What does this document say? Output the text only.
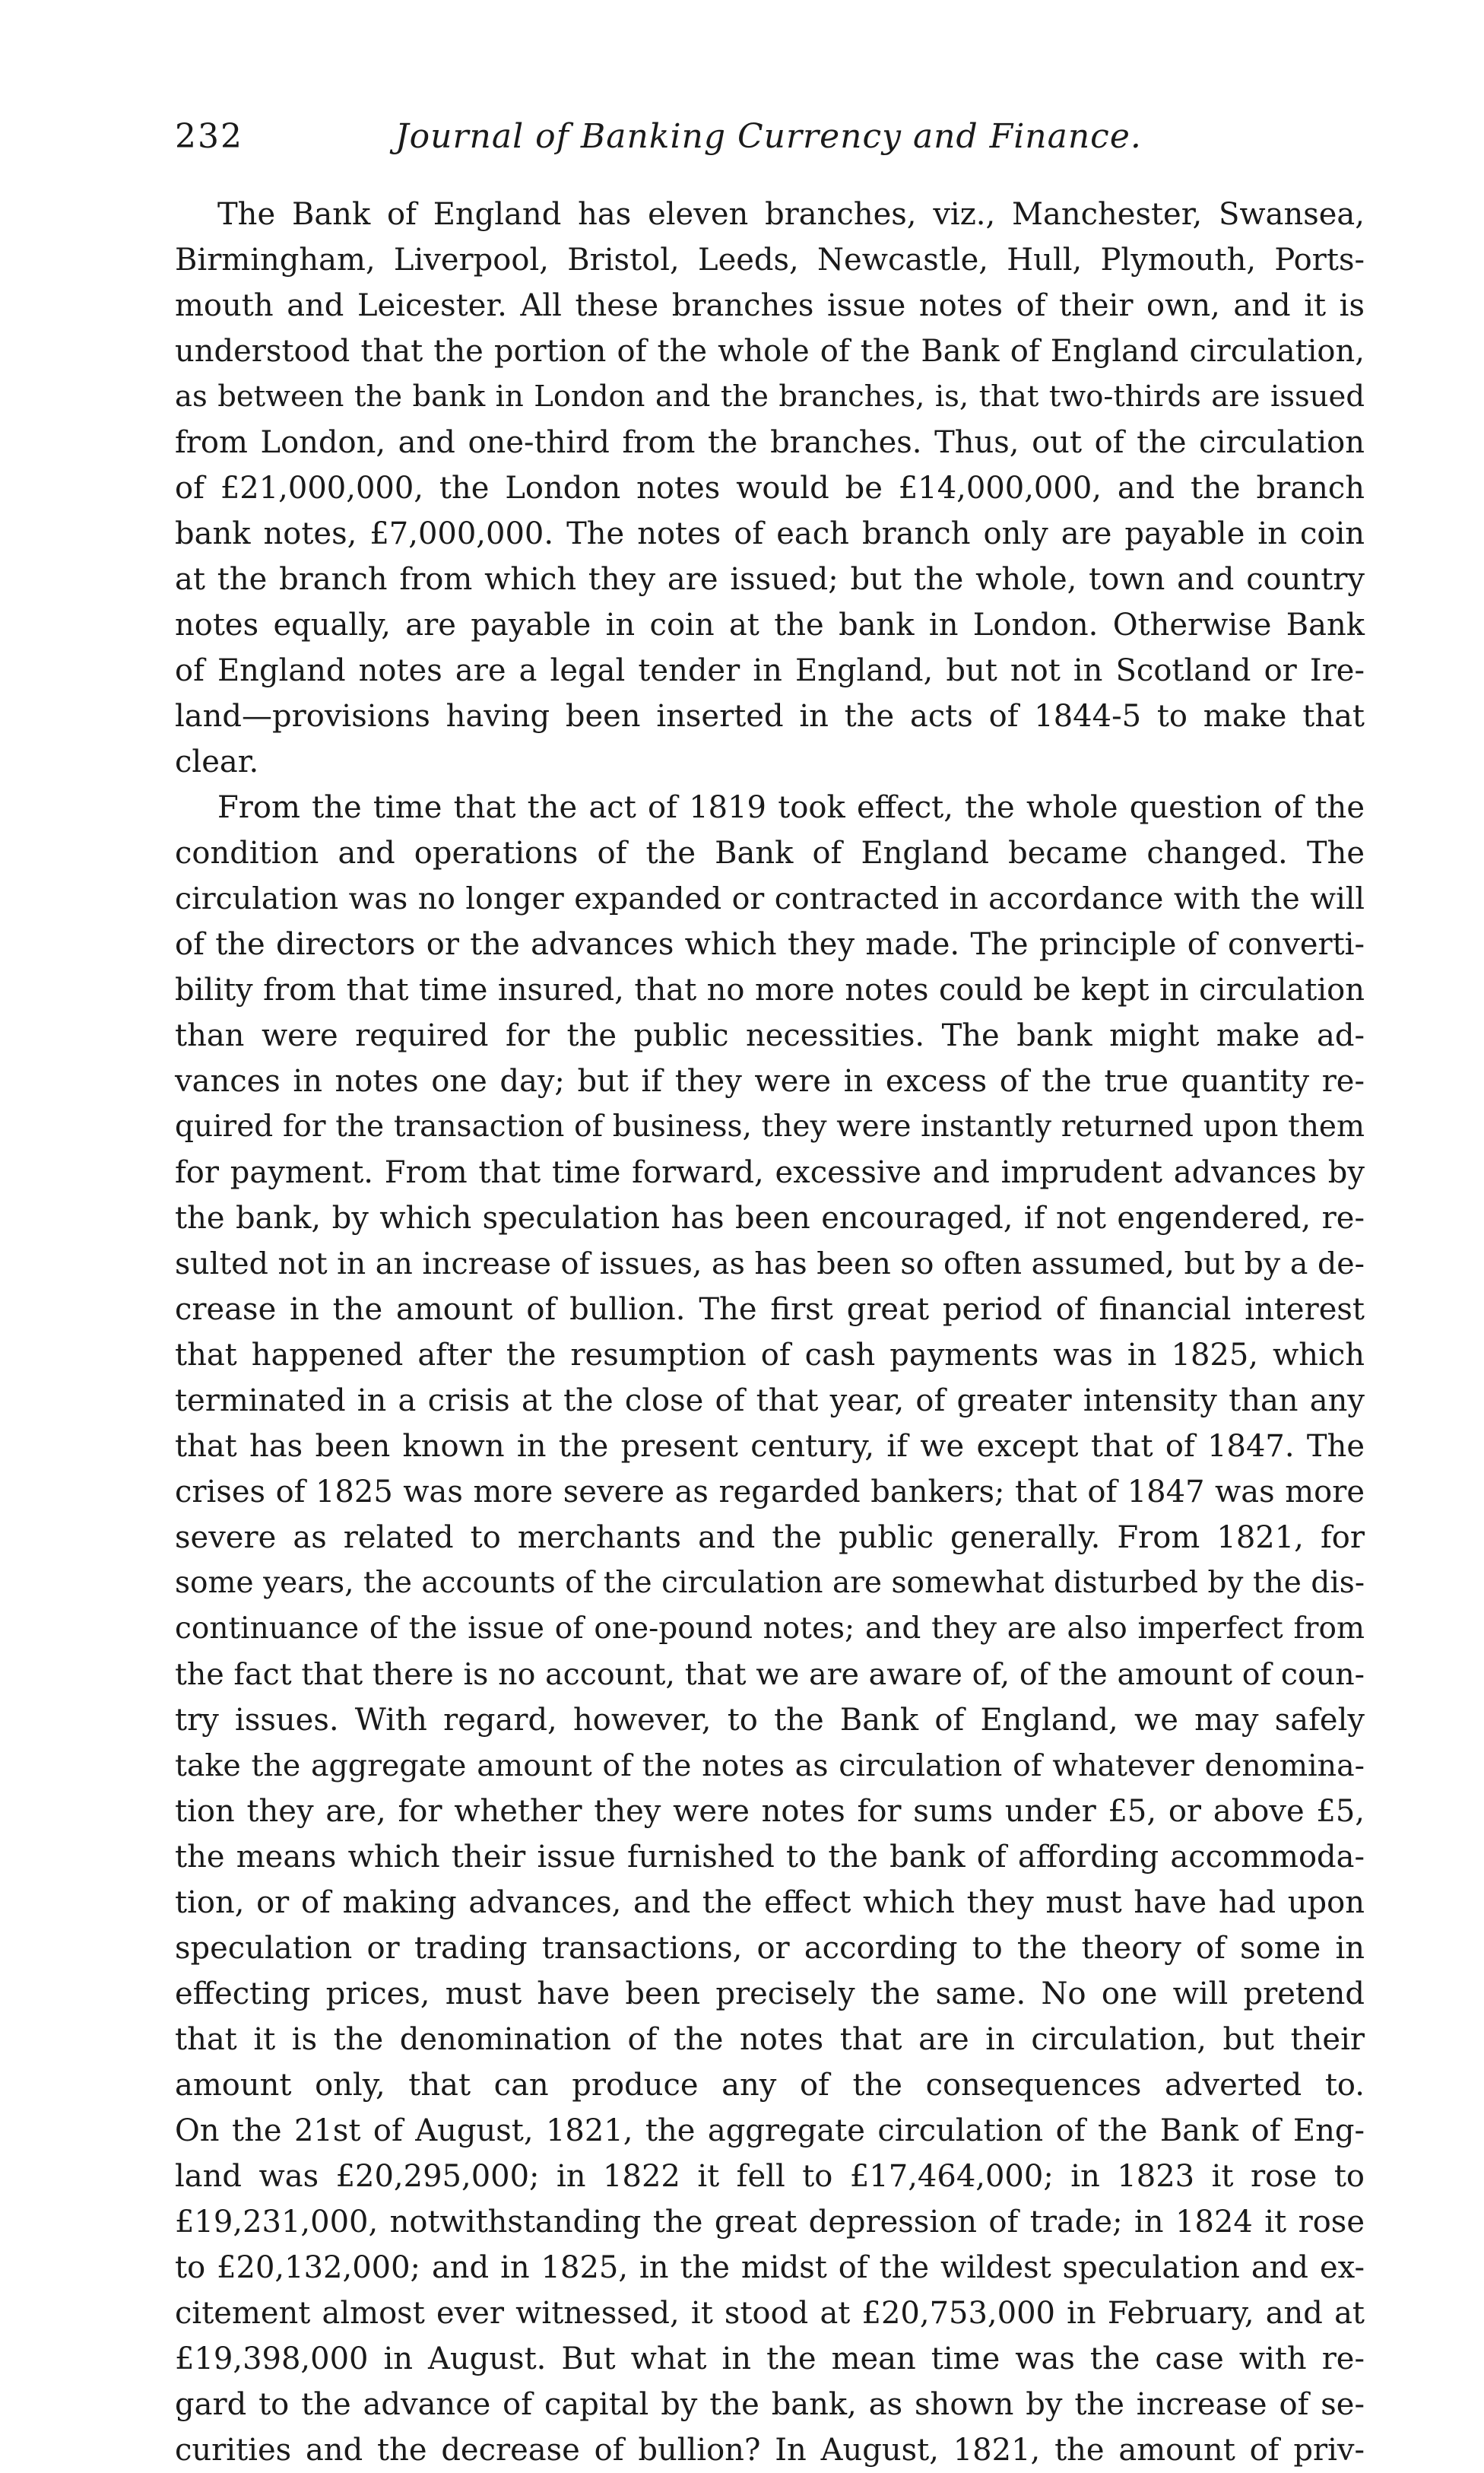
232	Journal of Banking Currency and Finance.
The Bank of England has eleven branches, viz., Manchester, Swansea,
Birmingham, Liverpool, Bristol, Leeds, Newcastle, Hull, Plymouth, Ports-
mouth and Leicester. All these branches issue notes of their own, and it is
understood that the portion of the whole of the Bank of England circulation,
as between the bank in London and the branches, is, that two-thirds are issued
from London, and one-third from the branches. Thus, out of the circulation
of £21,000,000, the London notes would be £14,000,000, and the branch
bank notes, £7,000,000. The notes of each branch only are payable in coin
at the branch from which they are issued; but the whole, town and country
notes equally, are payable in coin at the bank in London. Otherwise Bank
of England notes are a legal tender in England, but not in Scotland or Ire-
land—provisions having been inserted in the acts of 1844-5 to make that
clear.
From the time that the act of 1819 took effect, the whole question of the
condition and operations of the Bank of England became changed. The
circulation was no longer expanded or contracted in accordance with the will
of the directors or the advances which they made. The principle of converti-
bility from that time insured, that no more notes could be kept in circulation
than were required for the public necessities. The bank might make ad-
vances in notes one day; but if they were in excess of the true quantity re-
quired for the transaction of business, they were instantly returned upon them
for payment. From that time forward, excessive and imprudent advances by
the bank, by which speculation has been encouraged, if not engendered, re-
sulted not in an increase of issues, as has been so often assumed, but by a de-
crease in the amount of bullion. The first great period of financial interest
that happened after the resumption of cash payments was in 1825, which
terminated in a crisis at the close of that year, of greater intensity than any
that has been known in the present century, if we except that of 1847. The
crises of 1825 was more severe as regarded bankers; that of 1847 was more
severe as related to merchants and the public generally. From 1821, for
some years, the accounts of the circulation are somewhat disturbed by the dis-
continuance of the issue of one-pound notes; and they are also imperfect from
the fact that there is no account, that we are aware of, of the amount of coun-
try issues. With regard, however, to the Bank of England, we may safely
take the aggregate amount of the notes as circulation of whatever denomina-
tion they are, for whether they were notes for sums under £5, or above £5,
the means which their issue furnished to the bank of affording accommoda-
tion, or of making advances, and the effect which they must have had upon
speculation or trading transactions, or according to the theory of some in
effecting prices, must have been precisely the same. No one will pretend
that it is the denomination of the notes that are in circulation, but their
amount only, that can produce any of the consequences adverted to.
On the 21st of August, 1821, the aggregate circulation of the Bank of Eng-
land was £20,295,000; in 1822 it fell to £17,464,000; in 1823 it rose to
£19,231,000, notwithstanding the great depression of trade; in 1824 it rose
to £20,132,000; and in 1825, in the midst of the wildest speculation and ex-
citement almost ever witnessed, it stood at £20,753,000 in February, and at
£19,398,000 in August. But what in the mean time was the case with re-
gard to the advance of capital by the bank, as shown by the increase of se-
curities and the decrease of bullion? In August, 1821, the amount of priv-
